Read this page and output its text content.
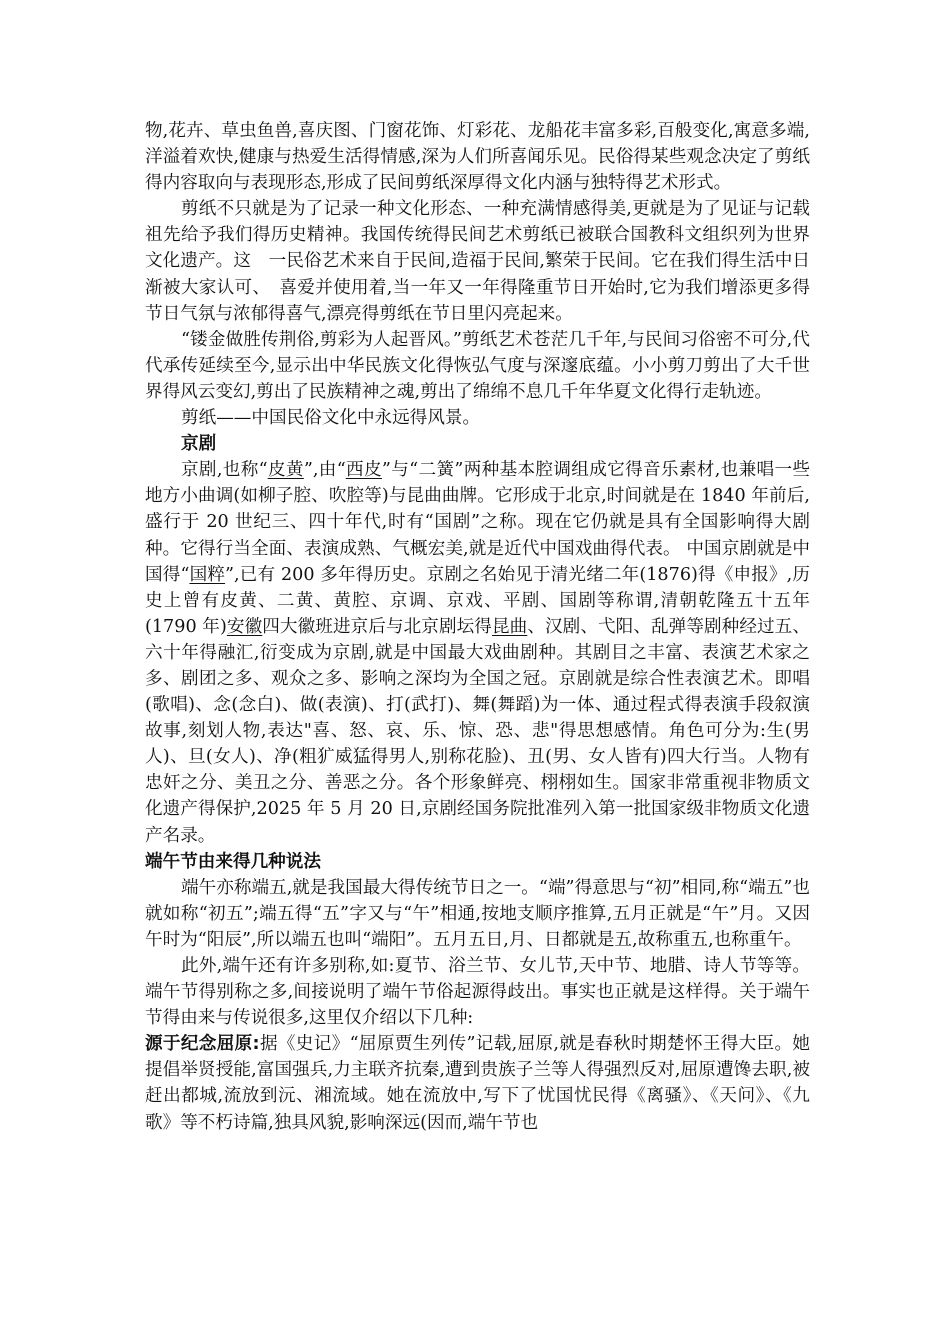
物,花卉、草虫鱼兽,喜庆图、门窗花饰、灯彩花、龙船花丰富多彩,百般变化,寓意多端,洋溢着欢快,健康与热爱生活得情感,深为人们所喜闻乐见。民俗得某些观念决定了剪纸得内容取向与表现形态,形成了民间剪纸深厚得文化内涵与独特得艺术形式。

剪纸不只就是为了记录一种文化形态、一种充满情感得美,更就是为了见证与记载祖先给予我们得历史精神。我国传统得民间艺术剪纸已被联合国教科文组织列为世界文化遗产。这　一民俗艺术来自于民间,造福于民间,繁荣于民间。它在我们得生活中日渐被大家认可、　喜爱并使用着,当一年又一年得隆重节日开始时,它为我们增添更多得节日气氛与浓郁得喜气,漂亮得剪纸在节日里闪亮起来。

“镂金做胜传荆俗,剪彩为人起晋风。”剪纸艺术苍茫几千年,与民间习俗密不可分,代　代承传延续至今,显示出中华民族文化得恢弘气度与深邃底蕴。小小剪刀剪出了大千世界得风云变幻,剪出了民族精神之魂,剪出了绵绵不息几千年华夏文化得行走轨迹。

剪纸——中国民俗文化中永远得风景。

京剧

京剧,也称“皮黄”,由“西皮”与“二簧”两种基本腔调组成它得音乐素材,也兼唱一些地方小曲调(如柳子腔、吹腔等)与昆曲曲牌。它形成于北京,时间就是在 1840 年前后,盛行于 20 世纪三、四十年代,时有“国剧”之称。现在它仍就是具有全国影响得大剧种。它得行当全面、表演成熟、气概宏美,就是近代中国戏曲得代表。 中国京剧就是中国得“国粹”,已有 200 多年得历史。京剧之名始见于清光绪二年(1876)得《申报》,历史上曾有皮黄、二黄、黄腔、京调、京戏、平剧、国剧等称谓,清朝乾隆五十五年(1790 年)安徽四大徽班进京后与北京剧坛得昆曲、汉剧、弋阳、乱弹等剧种经过五、六十年得融汇,衍变成为京剧,就是中国最大戏曲剧种。其剧目之丰富、表演艺术家之多、剧团之多、观众之多、影响之深均为全国之冠。京剧就是综合性表演艺术。即唱(歌唱)、念(念白)、做(表演)、打(武打)、舞(舞蹈)为一体、通过程式得表演手段叙演故事,刻划人物,表达"喜、怒、哀、乐、惊、恐、悲"得思想感情。角色可分为:生(男人)、旦(女人)、净(粗犷威猛得男人,别称花脸)、丑(男、女人皆有)四大行当。人物有忠奸之分、美丑之分、善恶之分。各个形象鲜亮、栩栩如生。国家非常重视非物质文化遗产得保护,2025 年 5 月 20 日,京剧经国务院批准列入第一批国家级非物质文化遗产名录。

端午节由来得几种说法

端午亦称端五,就是我国最大得传统节日之一。“端”得意思与“初”相同,称“端五”也就如称“初五”;端五得“五”字又与“午”相通,按地支顺序推算,五月正就是“午”月。又因午时为“阳辰”,所以端五也叫“端阳”。五月五日,月、日都就是五,故称重五,也称重午。

此外,端午还有许多别称,如:夏节、浴兰节、女儿节,天中节、地腊、诗人节等等。端午节得别称之多,间接说明了端午节俗起源得歧出。事实也正就是这样得。关于端午节得由来与传说很多,这里仅介绍以下几种:

源于纪念屈原:据《史记》“屈原贾生列传”记载,屈原,就是春秋时期楚怀王得大臣。她提倡举贤授能,富国强兵,力主联齐抗秦,遭到贵族子兰等人得强烈反对,屈原遭馋去职,被赶出都城,流放到沅、湘流域。她在流放中,写下了忧国忧民得《离骚》、《天问》、《九歌》等不朽诗篇,独具风貌,影响深远(因而,端午节也
